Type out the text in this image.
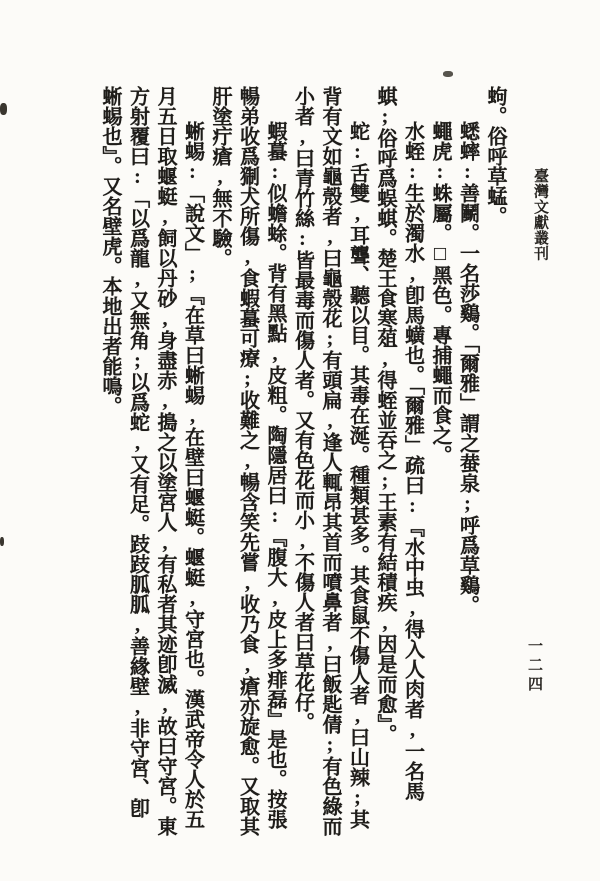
臺灣文獻叢刊
一二四

蚼。俗呼草蜢。

蟋蟀:善鬭。一名莎鷄。「爾雅」謂之蛬泉;呼爲草鷄。

蠅虎:蛛屬。□黑色。專捕蠅而食之。

水蛭:生於濁水,卽馬蟥也。「爾雅」疏曰:『水中虫,得入人肉者,一名馬蜞;俗呼爲蜈蜞。楚王食寒葅,得蛭並吞之;王素有結積疾,因是而愈』。

蛇:舌雙,耳聾、聽以目。其毒在涎。種類甚多。其食鼠不傷人者,曰山辣;其背有文如龜殼者,曰龜殼花;有頭扁,逢人輒昂其首而噴鼻者,曰飯匙倩;有色綠而小者,曰青竹絲:皆最毒而傷人者。又有色花而小,不傷人者曰草花仔。

蝦蟇:似蟾蜍。背有黑點,皮粗。陶隱居曰:『腹大,皮上多痱磊』是也。按張暢弟收爲猘犬所傷,食蝦蟇可療;收難之,暢含笑先嘗,收乃食,瘡亦旋愈。又取其肝塗疔瘡,無不驗。

蜥蜴:「說文」;『在草曰蜥蜴,在壁曰蝘蜓。蝘蜓,守宮也。漢武帝令人於五月五日取蝘蜓,飼以丹砂,身盡赤,搗之以塗宮人,有私者其迹卽滅,故曰守宮。東方射覆曰:「以爲龍,又無角;以爲蛇,又有足。跂跂胍胍,善緣壁,非守宮、卽蜥蜴也』。又名壁虎。本地出者能鳴。
